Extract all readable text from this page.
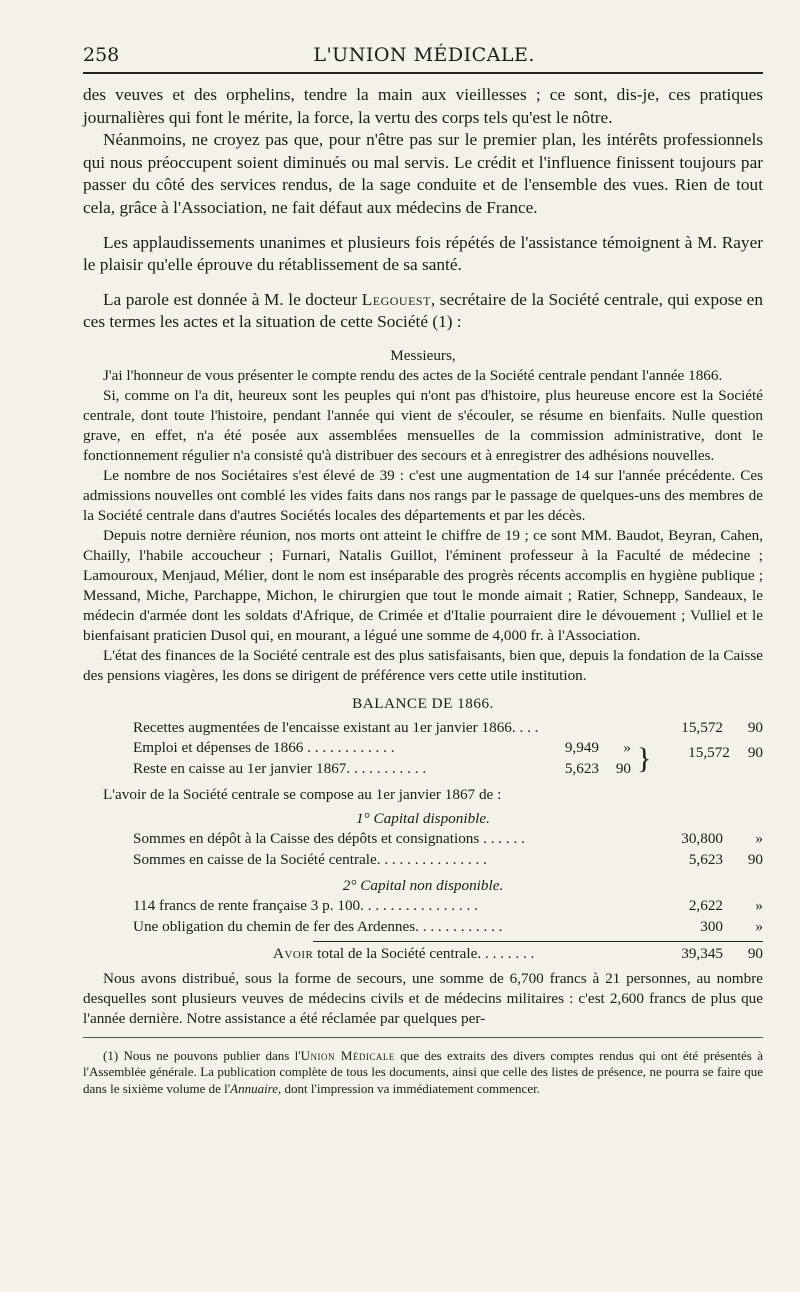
258	L'UNION MÉDICALE.

des veuves et des orphelins, tendre la main aux vieillesses ; ce sont, dis-je, ces pratiques journalières qui font le mérite, la force, la vertu des corps tels qu'est le nôtre.

Néanmoins, ne croyez pas que, pour n'être pas sur le premier plan, les intérêts professionnels qui nous préoccupent soient diminués ou mal servis. Le crédit et l'influence finissent toujours par passer du côté des services rendus, de la sage conduite et de l'ensemble des vues. Rien de tout cela, grâce à l'Association, ne fait défaut aux médecins de France.

Les applaudissements unanimes et plusieurs fois répétés de l'assistance témoignent à M. Rayer le plaisir qu'elle éprouve du rétablissement de sa santé.

La parole est donnée à M. le docteur Legouest, secrétaire de la Société centrale, qui expose en ces termes les actes et la situation de cette Société (1) :

Messieurs,

J'ai l'honneur de vous présenter le compte rendu des actes de la Société centrale pendant l'année 1866.

Si, comme on l'a dit, heureux sont les peuples qui n'ont pas d'histoire, plus heureuse encore est la Société centrale, dont toute l'histoire, pendant l'année qui vient de s'écouler, se résume en bienfaits. Nulle question grave, en effet, n'a été posée aux assemblées mensuelles de la commission administrative, dont le fonctionnement régulier n'a consisté qu'à distribuer des secours et à enregistrer des adhésions nouvelles.

Le nombre de nos Sociétaires s'est élevé de 39 : c'est une augmentation de 14 sur l'année précédente. Ces admissions nouvelles ont comblé les vides faits dans nos rangs par le passage de quelques-uns des membres de la Société centrale dans d'autres Sociétés locales des départements et par les décès.

Depuis notre dernière réunion, nos morts ont atteint le chiffre de 19 ; ce sont MM. Baudot, Beyran, Cahen, Chailly, l'habile accoucheur ; Furnari, Natalis Guillot, l'éminent professeur à la Faculté de médecine ; Lamouroux, Menjaud, Mélier, dont le nom est inséparable des progrès récents accomplis en hygiène publique ; Messand, Miche, Parchappe, Michon, le chirurgien que tout le monde aimait ; Ratier, Schnepp, Sandeaux, le médecin d'armée dont les soldats d'Afrique, de Crimée et d'Italie pourraient dire le dévouement ; Vulliel et le bienfaisant praticien Dusol qui, en mourant, a légué une somme de 4,000 fr. à l'Association.

L'état des finances de la Société centrale est des plus satisfaisants, bien que, depuis la fondation de la Caisse des pensions viagères, les dons se dirigent de préférence vers cette utile institution.

BALANCE DE 1866.

Recettes augmentées de l'encaisse existant au 1er janvier 1866. . . .	15,572	90
Emploi et dépenses de 1866 . . . . . . . . . . . .	9,949	»
Reste en caisse au 1er janvier 1867. . . . . . . . . . .	5,623	90 }	15,572	90

L'avoir de la Société centrale se compose au 1er janvier 1867 de :

1° Capital disponible.

Sommes en dépôt à la Caisse des dépôts et consignations . . . . . .	30,800	»
Sommes en caisse de la Société centrale. . . . . . . . . . . . . . .	5,623	90

2° Capital non disponible.

114 francs de rente française 3 p. 100. . . . . . . . . . . . . . . .	2,622	»
Une obligation du chemin de fer des Ardennes. . . . . . . . . . . .	300	»
Avoir total de la Société centrale. . . . . . . .	39,345	90

Nous avons distribué, sous la forme de secours, une somme de 6,700 francs à 21 personnes, au nombre desquelles sont plusieurs veuves de médecins civils et de médecins militaires : c'est 2,600 francs de plus que l'année dernière. Notre assistance a été réclamée par quelques per-

(1) Nous ne pouvons publier dans l'Union Médicale que des extraits des divers comptes rendus qui ont été présentés à l'Assemblée générale. La publication complète de tous les documents, ainsi que celle des listes de présence, ne pourra se faire que dans le sixième volume de l'Annuaire, dont l'impression va immédiatement commencer.
